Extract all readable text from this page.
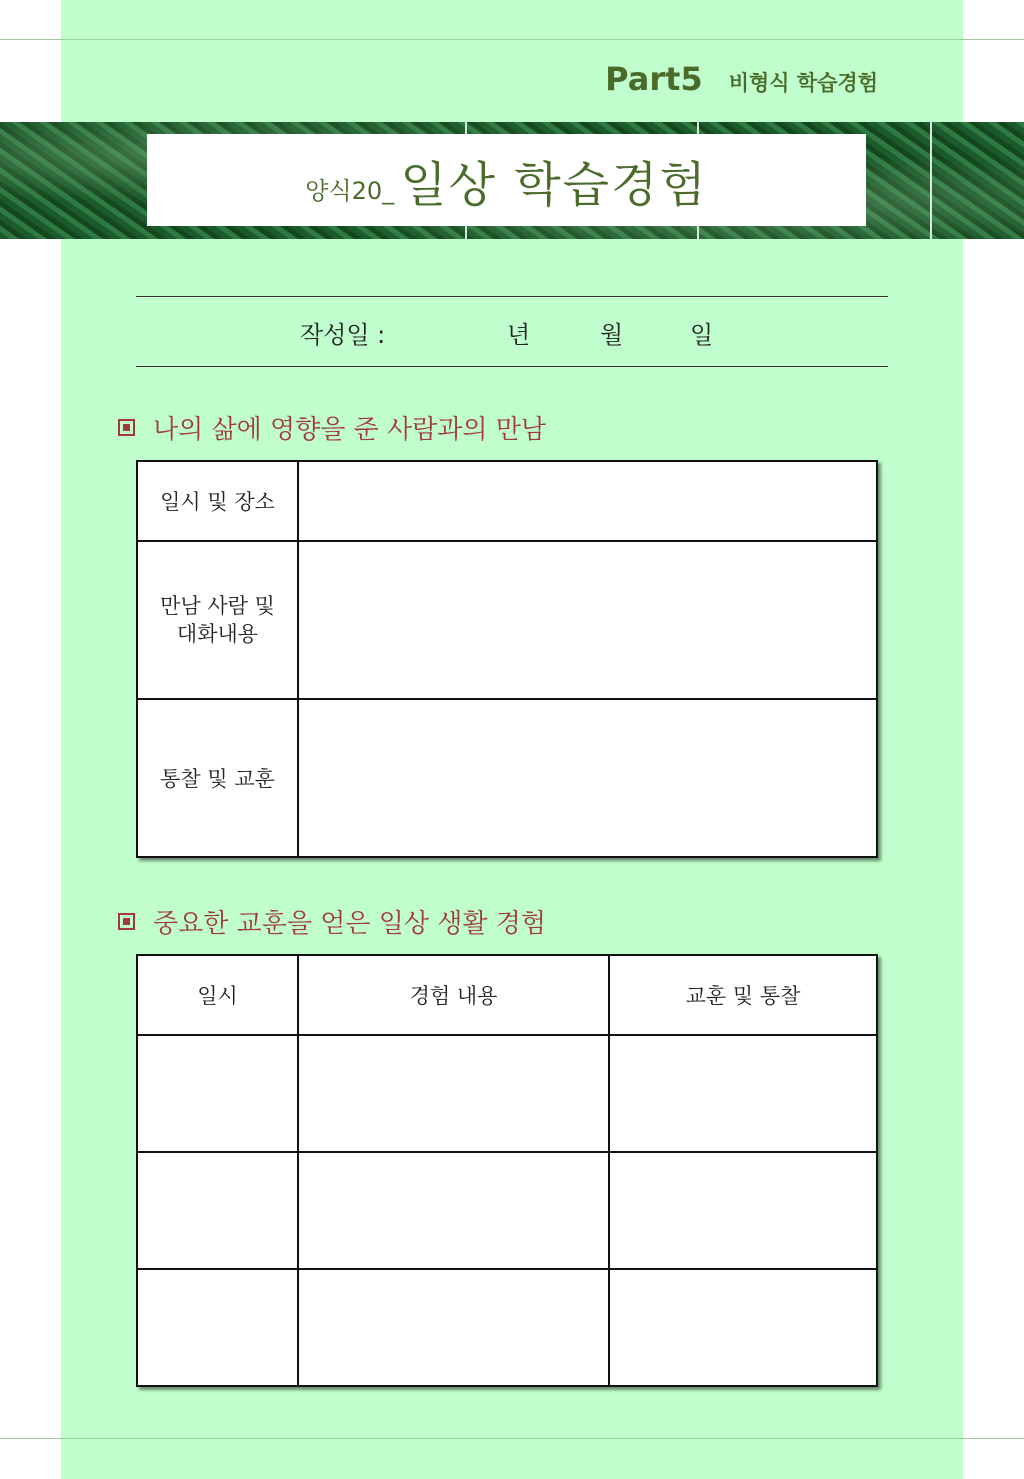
Part5 비형식 학습경험
양식20_ 일상 학습경험
작성일 :	년	월	일
나의 삶에 영향을 준 사람과의 만남
일시 및 장소	
만남 사람 및 대화내용	
통찰 및 교훈	
중요한 교훈을 얻은 일상 생활 경험
일시	경험 내용	교훈 및 통찰
